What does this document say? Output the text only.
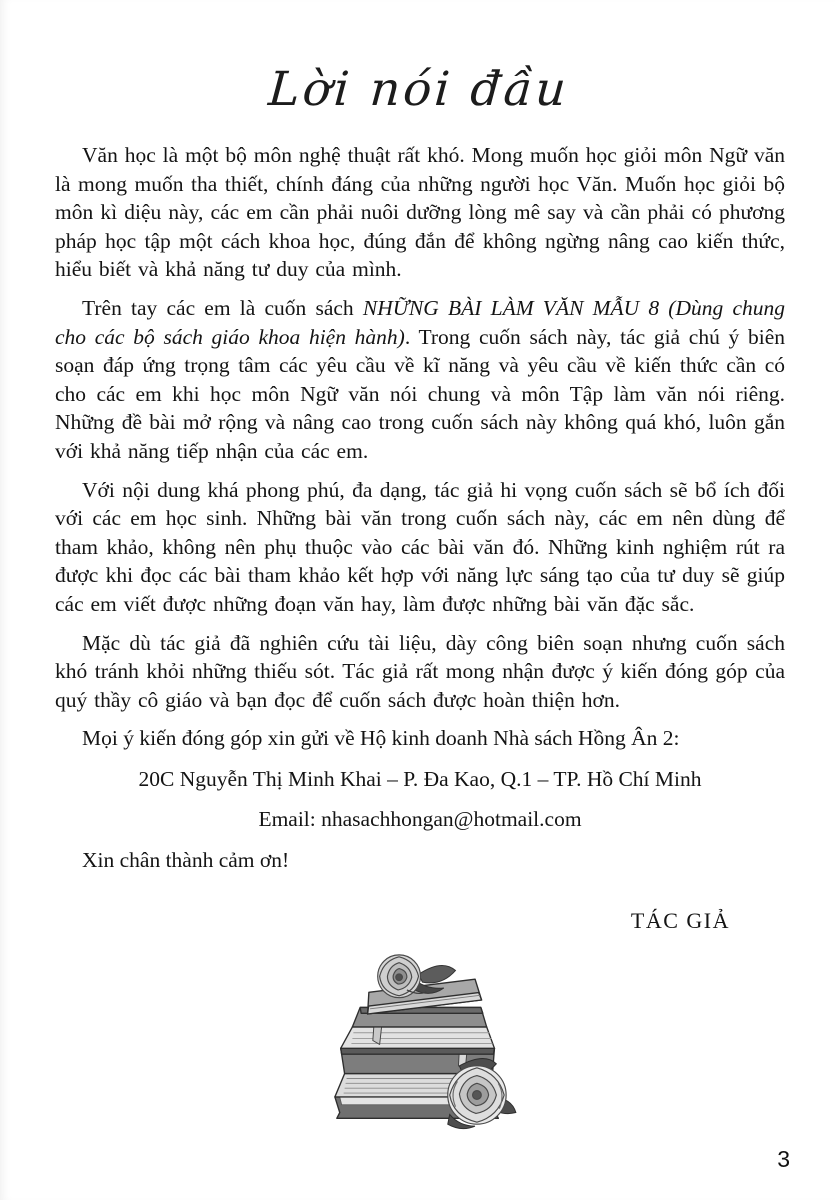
Lời nói đầu

Văn học là một bộ môn nghệ thuật rất khó. Mong muốn học giỏi môn Ngữ văn là mong muốn tha thiết, chính đáng của những người học Văn. Muốn học giỏi bộ môn kì diệu này, các em cần phải nuôi dưỡng lòng mê say và cần phải có phương pháp học tập một cách khoa học, đúng đắn để không ngừng nâng cao kiến thức, hiểu biết và khả năng tư duy của mình.

Trên tay các em là cuốn sách NHỮNG BÀI LÀM VĂN MẪU 8 (Dùng chung cho các bộ sách giáo khoa hiện hành). Trong cuốn sách này, tác giả chú ý biên soạn đáp ứng trọng tâm các yêu cầu về kĩ năng và yêu cầu về kiến thức cần có cho các em khi học môn Ngữ văn nói chung và môn Tập làm văn nói riêng. Những đề bài mở rộng và nâng cao trong cuốn sách này không quá khó, luôn gắn với khả năng tiếp nhận của các em.

Với nội dung khá phong phú, đa dạng, tác giả hi vọng cuốn sách sẽ bổ ích đối với các em học sinh. Những bài văn trong cuốn sách này, các em nên dùng để tham khảo, không nên phụ thuộc vào các bài văn đó. Những kinh nghiệm rút ra được khi đọc các bài tham khảo kết hợp với năng lực sáng tạo của tư duy sẽ giúp các em viết được những đoạn văn hay, làm được những bài văn đặc sắc.

Mặc dù tác giả đã nghiên cứu tài liệu, dày công biên soạn nhưng cuốn sách khó tránh khỏi những thiếu sót. Tác giả rất mong nhận được ý kiến đóng góp của quý thầy cô giáo và bạn đọc để cuốn sách được hoàn thiện hơn.

Mọi ý kiến đóng góp xin gửi về Hộ kinh doanh Nhà sách Hồng Ân 2:

20C Nguyễn Thị Minh Khai – P. Đa Kao, Q.1 – TP. Hồ Chí Minh

Email: nhasachhongan@hotmail.com

Xin chân thành cảm ơn!

TÁC GIẢ

3
